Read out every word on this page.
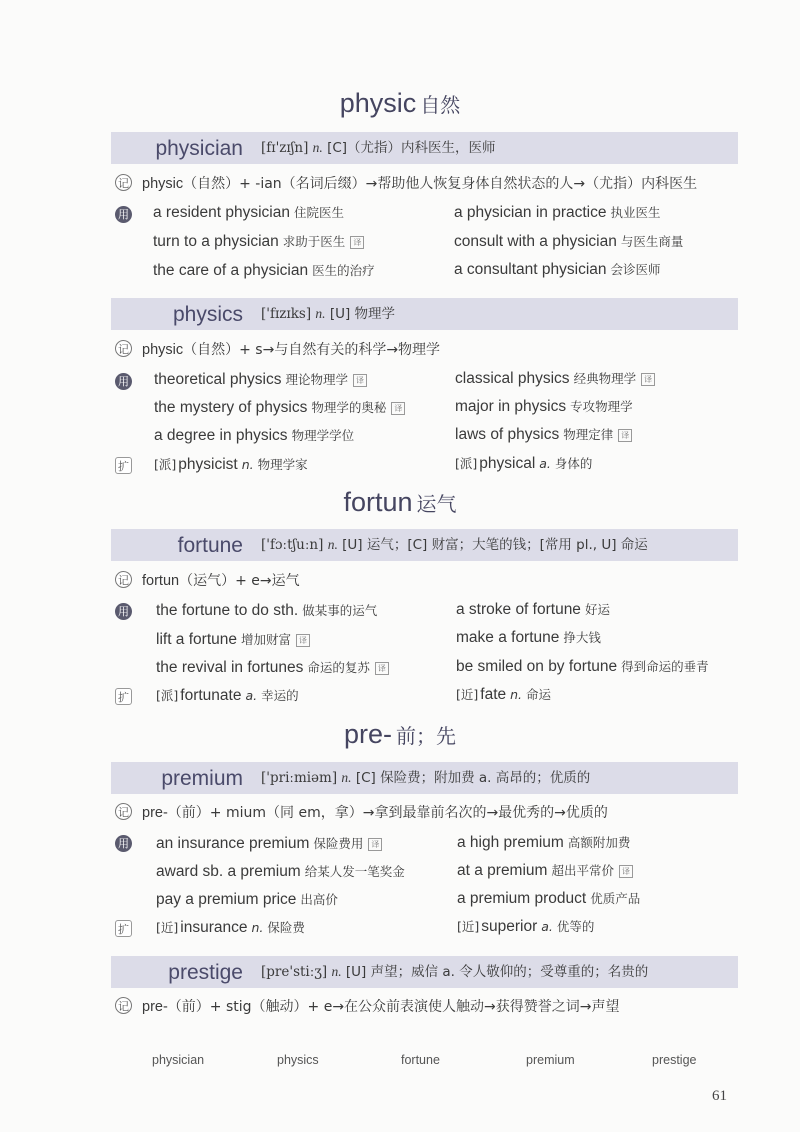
physic 自然
physician	[fɪ'zɪʃn] n. [C]（尤指）内科医生，医师
记 physic（自然）+ -ian（名词后缀）→帮助他人恢复身体自然状态的人→（尤指）内科医生
用 a resident physician 住院医生	a physician in practice 执业医生
turn to a physician 求助于医生 译	consult with a physician 与医生商量
the care of a physician 医生的治疗	a consultant physician 会诊医师
physics	['fɪzɪks] n. [U] 物理学
记 physic（自然）+ s→与自然有关的科学→物理学
用 theoretical physics 理论物理学 译	classical physics 经典物理学 译
the mystery of physics 物理学的奥秘 译	major in physics 专攻物理学
a degree in physics 物理学学位	laws of physics 物理定律 译
扩 [派] physicist n. 物理学家	[派] physical a. 身体的
fortun 运气
fortune	['fɔːtʃuːn] n. [U] 运气；[C] 财富；大笔的钱；[常用 pl., U] 命运
记 fortun（运气）+ e→运气
用 the fortune to do sth. 做某事的运气	a stroke of fortune 好运
lift a fortune 增加财富 译	make a fortune 挣大钱
the revival in fortunes 命运的复苏 译	be smiled on by fortune 得到命运的垂青
扩 [派] fortunate a. 幸运的	[近] fate n. 命运
pre- 前；先
premium	['priːmiəm] n. [C] 保险费；附加费 a. 高昂的；优质的
记 pre-（前）+ mium（同 em，拿）→拿到最靠前名次的→最优秀的→优质的
用 an insurance premium 保险费用 译	a high premium 高额附加费
award sb. a premium 给某人发一笔奖金	at a premium 超出平常价 译
pay a premium price 出高价	a premium product 优质产品
扩 [近] insurance n. 保险费	[近] superior a. 优等的
prestige	[pre'stiːʒ] n. [U] 声望；威信 a. 令人敬仰的；受尊重的；名贵的
记 pre-（前）+ stig（触动）+ e→在公众前表演使人触动→获得赞誉之词→声望
physician	physics	fortune	premium	prestige
61
